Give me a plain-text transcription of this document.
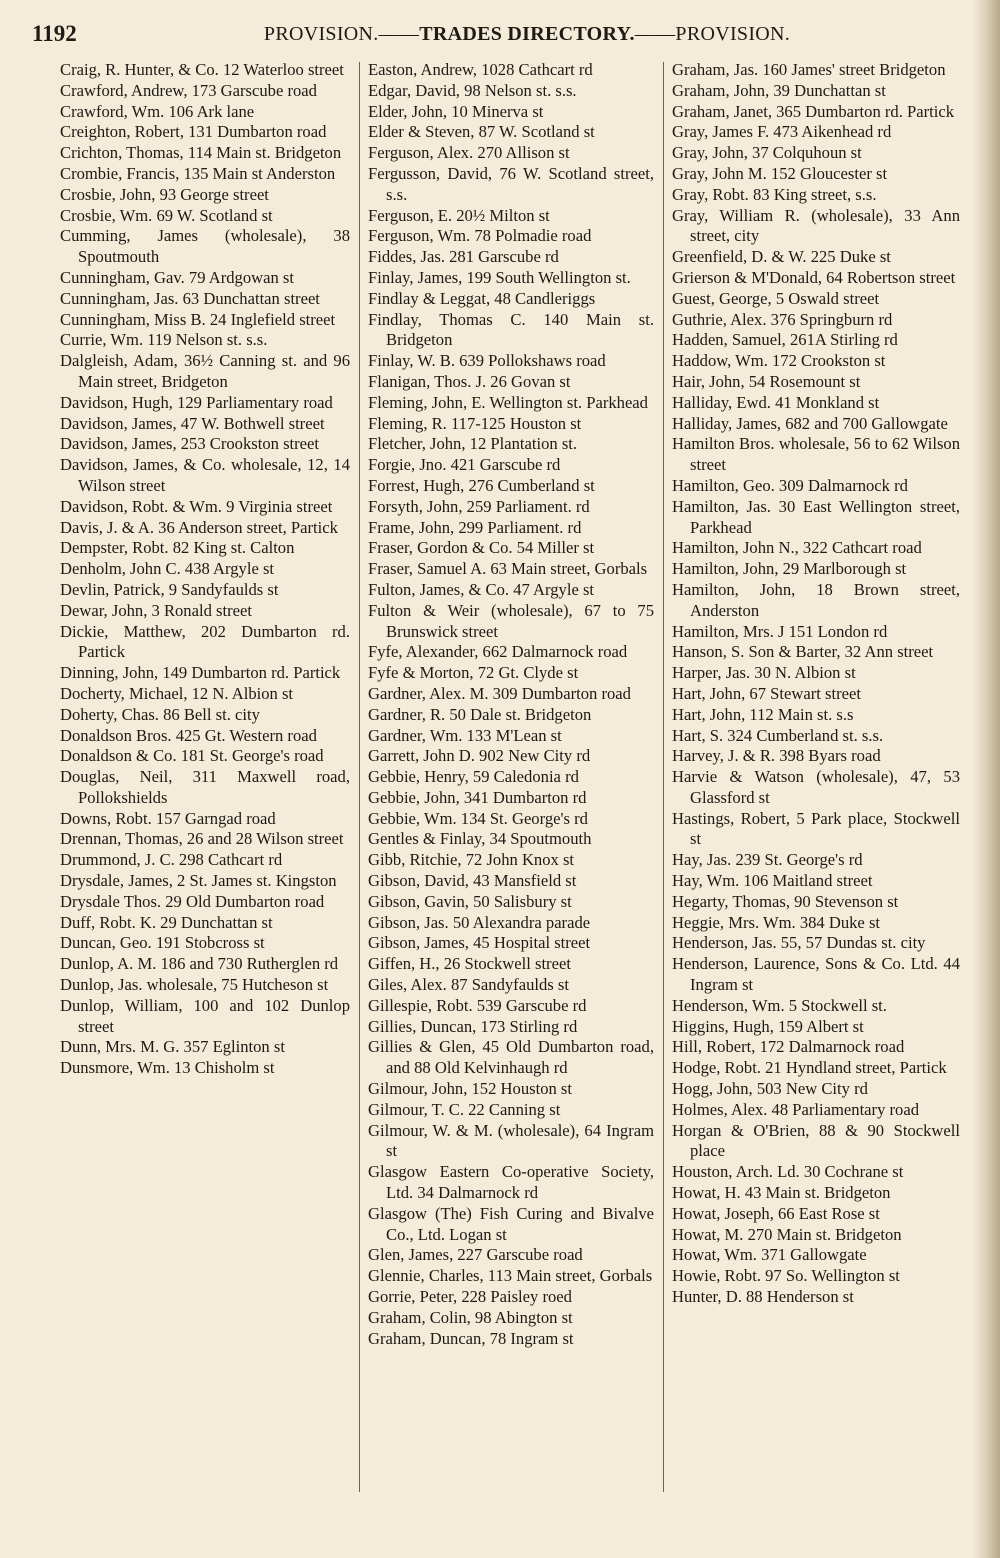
1192	PROVISION.——TRADES DIRECTORY.——PROVISION.
Craig, R. Hunter, & Co. 12 Waterloo street
Crawford, Andrew, 173 Garscube road
Crawford, Wm. 106 Ark lane
Creighton, Robert, 131 Dumbarton road
Crichton, Thomas, 114 Main st. Bridgeton
Crombie, Francis, 135 Main st Anderston
Crosbie, John, 93 George street
Crosbie, Wm. 69 W. Scotland st
Cumming, James (wholesale), 38 Spoutmouth
Cunningham, Gav. 79 Ardgowan st
Cunningham, Jas. 63 Dunchattan street
Cunningham, Miss B. 24 Inglefield street
Currie, Wm. 119 Nelson st. s.s.
Dalgleish, Adam, 36½ Canning st. and 96 Main street, Bridgeton
Davidson, Hugh, 129 Parliamentary road
Davidson, James, 47 W. Bothwell street
Davidson, James, 253 Crookston street
Davidson, James, & Co. wholesale, 12, 14 Wilson street
Davidson, Robt. & Wm. 9 Virginia street
Davis, J. & A. 36 Anderson street, Partick
Dempster, Robt. 82 King st. Calton
Denholm, John C. 438 Argyle st
Devlin, Patrick, 9 Sandyfaulds st
Dewar, John, 3 Ronald street
Dickie, Matthew, 202 Dumbarton rd. Partick
Dinning, John, 149 Dumbarton rd. Partick
Docherty, Michael, 12 N. Albion st
Doherty, Chas. 86 Bell st. city
Donaldson Bros. 425 Gt. Western road
Donaldson & Co. 181 St. George's road
Douglas, Neil, 311 Maxwell road, Pollokshields
Downs, Robt. 157 Garngad road
Drennan, Thomas, 26 and 28 Wilson street
Drummond, J. C. 298 Cathcart rd
Drysdale, James, 2 St. James st. Kingston
Drysdale Thos. 29 Old Dumbarton road
Duff, Robt. K. 29 Dunchattan st
Duncan, Geo. 191 Stobcross st
Dunlop, A. M. 186 and 730 Rutherglen rd
Dunlop, Jas. wholesale, 75 Hutcheson st
Dunlop, William, 100 and 102 Dunlop street
Dunn, Mrs. M. G. 357 Eglinton st
Dunsmore, Wm. 13 Chisholm st
Easton, Andrew, 1028 Cathcart rd
Edgar, David, 98 Nelson st. s.s.
Elder, John, 10 Minerva st
Elder & Steven, 87 W. Scotland st
Ferguson, Alex. 270 Allison st
Fergusson, David, 76 W. Scotland street, s.s.
Ferguson, E. 20½ Milton st
Ferguson, Wm. 78 Polmadie road
Fiddes, Jas. 281 Garscube rd
Finlay, James, 199 South Wellington st.
Findlay & Leggat, 48 Candleriggs
Findlay, Thomas C. 140 Main st. Bridgeton
Finlay, W. B. 639 Pollokshaws road
Flanigan, Thos. J. 26 Govan st
Fleming, John, E. Wellington st. Parkhead
Fleming, R. 117-125 Houston st
Fletcher, John, 12 Plantation st.
Forgie, Jno. 421 Garscube rd
Forrest, Hugh, 276 Cumberland st
Forsyth, John, 259 Parliament. rd
Frame, John, 299 Parliament. rd
Fraser, Gordon & Co. 54 Miller st
Fraser, Samuel A. 63 Main street, Gorbals
Fulton, James, & Co. 47 Argyle st
Fulton & Weir (wholesale), 67 to 75 Brunswick street
Fyfe, Alexander, 662 Dalmarnock road
Fyfe & Morton, 72 Gt. Clyde st
Gardner, Alex. M. 309 Dumbarton road
Gardner, R. 50 Dale st. Bridgeton
Gardner, Wm. 133 M'Lean st
Garrett, John D. 902 New City rd
Gebbie, Henry, 59 Caledonia rd
Gebbie, John, 341 Dumbarton rd
Gebbie, Wm. 134 St. George's rd
Gentles & Finlay, 34 Spoutmouth
Gibb, Ritchie, 72 John Knox st
Gibson, David, 43 Mansfield st
Gibson, Gavin, 50 Salisbury st
Gibson, Jas. 50 Alexandra parade
Gibson, James, 45 Hospital street
Giffen, H., 26 Stockwell street
Giles, Alex. 87 Sandyfaulds st
Gillespie, Robt. 539 Garscube rd
Gillies, Duncan, 173 Stirling rd
Gillies & Glen, 45 Old Dumbarton road, and 88 Old Kelvinhaugh rd
Gilmour, John, 152 Houston st
Gilmour, T. C. 22 Canning st
Gilmour, W. & M. (wholesale), 64 Ingram st
Glasgow Eastern Co-operative Society, Ltd. 34 Dalmarnock rd
Glasgow (The) Fish Curing and Bivalve Co., Ltd. Logan st
Glen, James, 227 Garscube road
Glennie, Charles, 113 Main street, Gorbals
Gorrie, Peter, 228 Paisley roed
Graham, Colin, 98 Abington st
Graham, Duncan, 78 Ingram st
Graham, Jas. 160 James' street Bridgeton
Graham, John, 39 Dunchattan st
Graham, Janet, 365 Dumbarton rd. Partick
Gray, James F. 473 Aikenhead rd
Gray, John, 37 Colquhoun st
Gray, John M. 152 Gloucester st
Gray, Robt. 83 King street, s.s.
Gray, William R. (wholesale), 33 Ann street, city
Greenfield, D. & W. 225 Duke st
Grierson & M'Donald, 64 Robertson street
Guest, George, 5 Oswald street
Guthrie, Alex. 376 Springburn rd
Hadden, Samuel, 261A Stirling rd
Haddow, Wm. 172 Crookston st
Hair, John, 54 Rosemount st
Halliday, Ewd. 41 Monkland st
Halliday, James, 682 and 700 Gallowgate
Hamilton Bros. wholesale, 56 to 62 Wilson street
Hamilton, Geo. 309 Dalmarnock rd
Hamilton, Jas. 30 East Wellington street, Parkhead
Hamilton, John N., 322 Cathcart road
Hamilton, John, 29 Marlborough st
Hamilton, John, 18 Brown street, Anderston
Hamilton, Mrs. J 151 London rd
Hanson, S. Son & Barter, 32 Ann street
Harper, Jas. 30 N. Albion st
Hart, John, 67 Stewart street
Hart, John, 112 Main st. s.s
Hart, S. 324 Cumberland st. s.s.
Harvey, J. & R. 398 Byars road
Harvie & Watson (wholesale), 47, 53 Glassford st
Hastings, Robert, 5 Park place, Stockwell st
Hay, Jas. 239 St. George's rd
Hay, Wm. 106 Maitland street
Hegarty, Thomas, 90 Stevenson st
Heggie, Mrs. Wm. 384 Duke st
Henderson, Jas. 55, 57 Dundas st. city
Henderson, Laurence, Sons & Co. Ltd. 44 Ingram st
Henderson, Wm. 5 Stockwell st.
Higgins, Hugh, 159 Albert st
Hill, Robert, 172 Dalmarnock road
Hodge, Robt. 21 Hyndland street, Partick
Hogg, John, 503 New City rd
Holmes, Alex. 48 Parliamentary road
Horgan & O'Brien, 88 & 90 Stockwell place
Houston, Arch. Ld. 30 Cochrane st
Howat, H. 43 Main st. Bridgeton
Howat, Joseph, 66 East Rose st
Howat, M. 270 Main st. Bridgeton
Howat, Wm. 371 Gallowgate
Howie, Robt. 97 So. Wellington st
Hunter, D. 88 Henderson st
